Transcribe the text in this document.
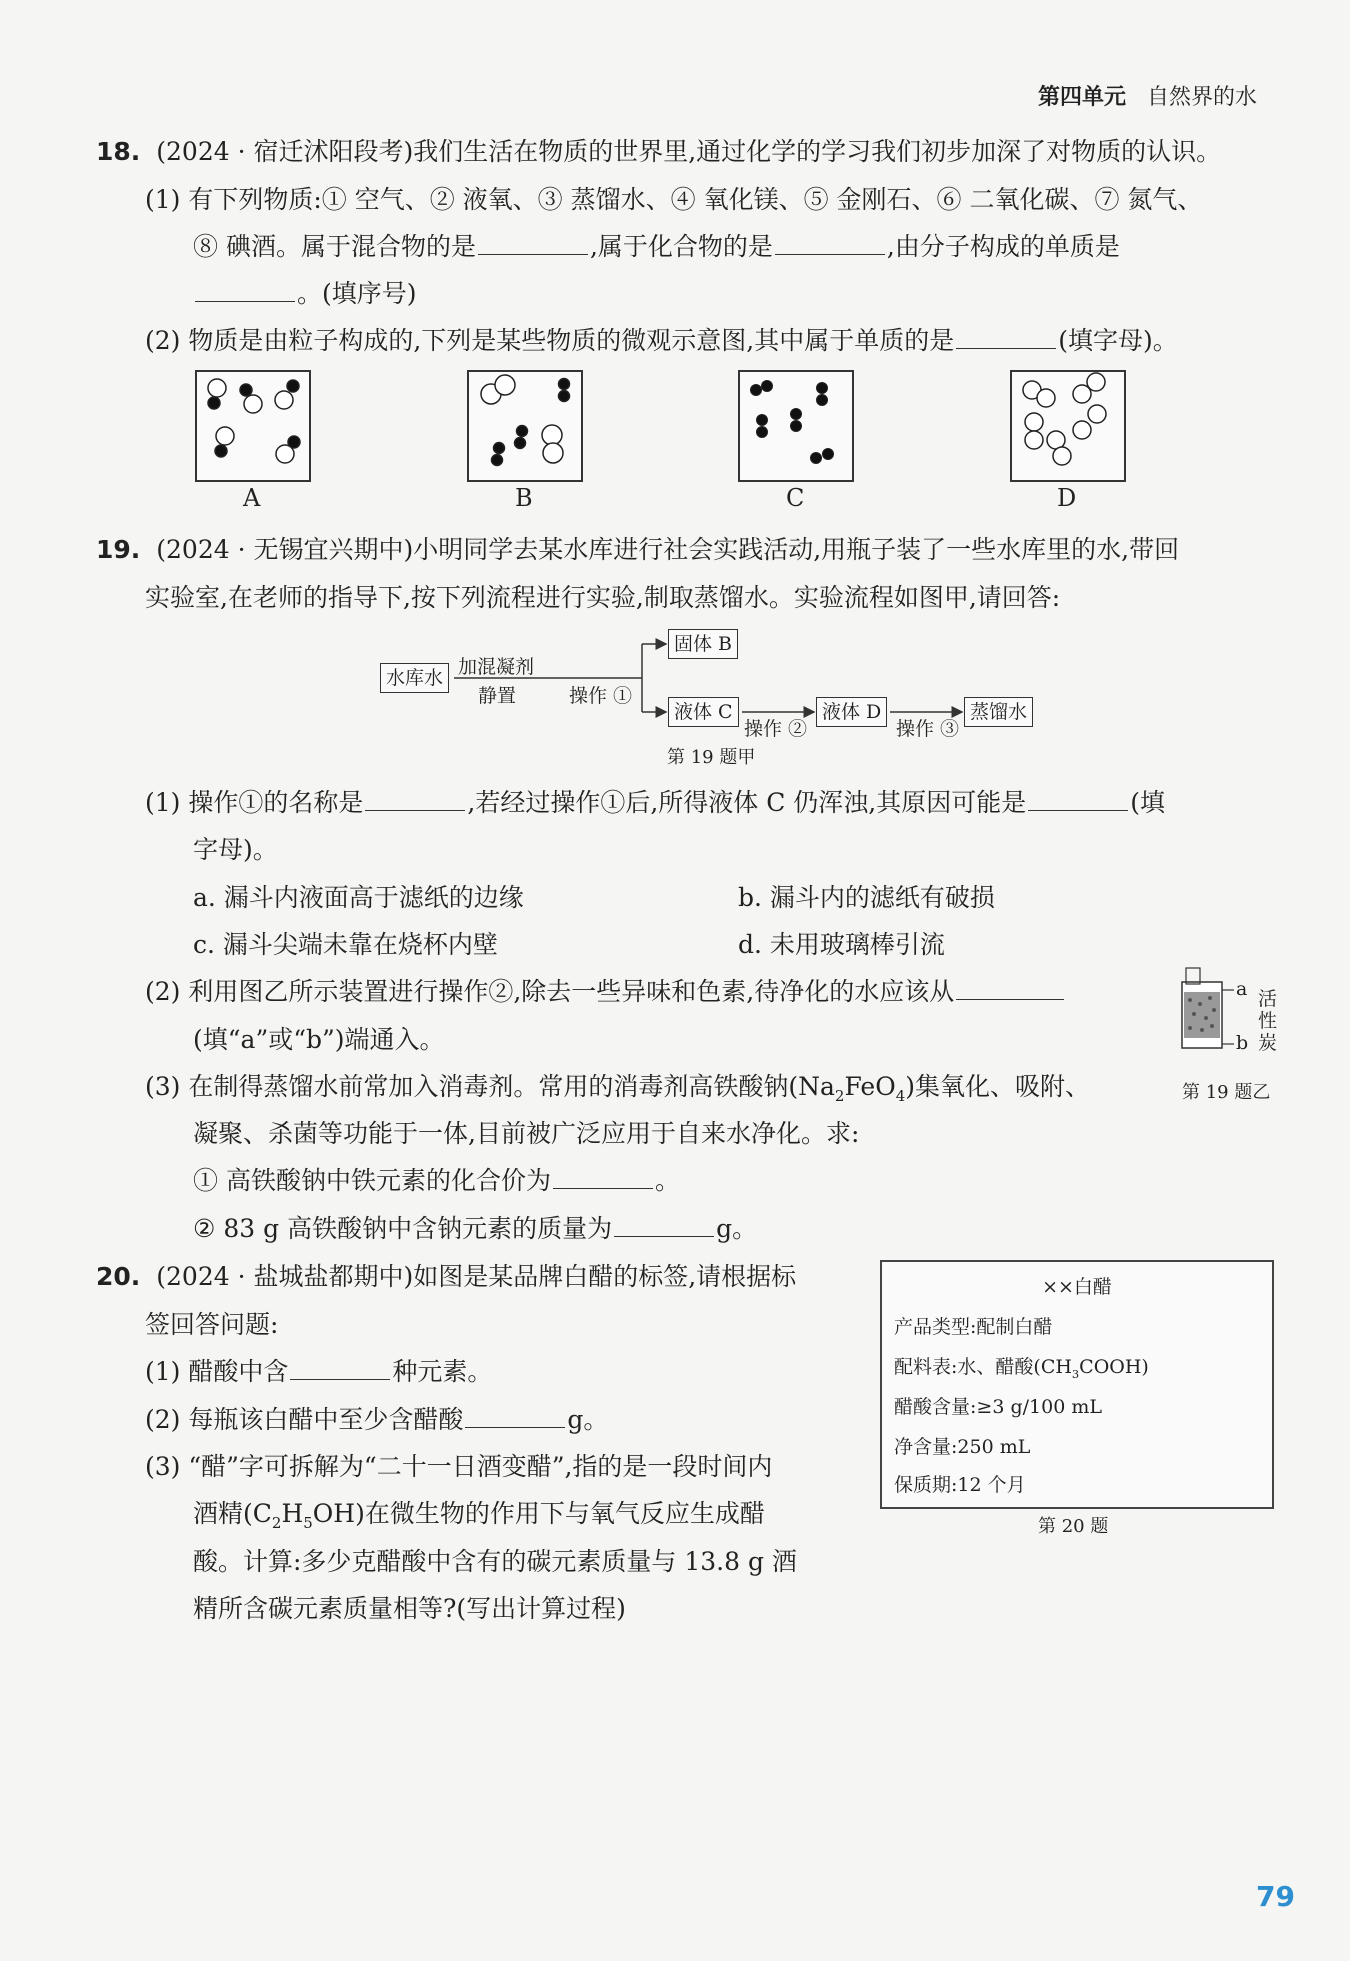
第四单元 自然界的水
18. (2024 · 宿迁沭阳段考)我们生活在物质的世界里,通过化学的学习我们初步加深了对物质的认识。
(1) 有下列物质:① 空气、② 液氧、③ 蒸馏水、④ 氧化镁、⑤ 金刚石、⑥ 二氧化碳、⑦ 氮气、
⑧ 碘酒。属于混合物的是	,属于化合物的是	,由分子构成的单质是
。(填序号)
(2) 物质是由粒子构成的,下列是某些物质的微观示意图,其中属于单质的是	(填字母)。
A	B	C	D
19. (2024 · 无锡宜兴期中)小明同学去某水库进行社会实践活动,用瓶子装了一些水库里的水,带回
实验室,在老师的指导下,按下列流程进行实验,制取蒸馏水。实验流程如图甲,请回答:
水库水 加混凝剂
静置	操作 ①
固体 B
液体 C
操作 ②
液体 D
操作 ③
蒸馏水
第 19 题甲
(1) 操作①的名称是	,若经过操作①后,所得液体 C 仍浑浊,其原因可能是	(填
字母)。
a. 漏斗内液面高于滤纸的边缘	b. 漏斗内的滤纸有破损
c. 漏斗尖端未靠在烧杯内壁	d. 未用玻璃棒引流
(2) 利用图乙所示装置进行操作②,除去一些异味和色素,待净化的水应该从
(填“a”或“b”)端通入。
a
b
活
性
炭
第 19 题乙
(3) 在制得蒸馏水前常加入消毒剂。常用的消毒剂高铁酸钠$(Na_2FeO_4)$集氧化、吸附、
凝聚、杀菌等功能于一体,目前被广泛应用于自来水净化。求:
① 高铁酸钠中铁元素的化合价为	。
② 83 g 高铁酸钠中含钠元素的质量为	g。
20. (2024 · 盐城盐都期中)如图是某品牌白醋的标签,请根据标
签回答问题:
(1) 醋酸中含	种元素。
(2) 每瓶该白醋中至少含醋酸	g。
(3) “醋”字可拆解为“二十一日酒变醋”,指的是一段时间内
酒精$(C_2H_5OH)$在微生物的作用下与氧气反应生成醋
酸。计算:多少克醋酸中含有的碳元素质量与 13.8 g 酒
精所含碳元素质量相等?(写出计算过程)
××白醋
产品类型:配制白醋
配料表:水、醋酸$(CH_3COOH)$
醋酸含量:≥3 g/100 mL
净含量:250 mL
保质期:12 个月
第 20 题
79
